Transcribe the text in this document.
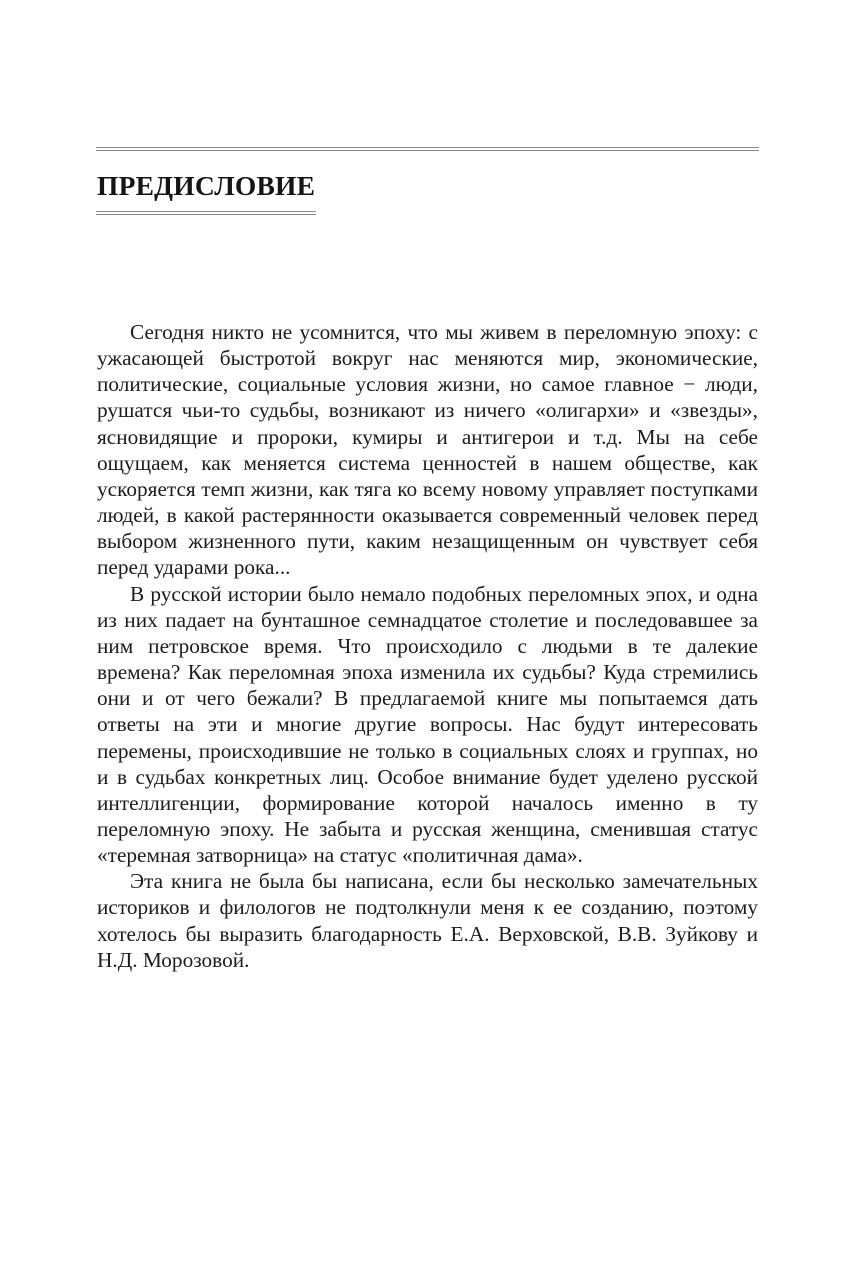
ПРЕДИСЛОВИЕ

Сегодня никто не усомнится, что мы живем в переломную эпоху: с ужасающей быстротой вокруг нас меняются мир, экономические, политические, социальные условия жизни, но самое главное − люди, рушатся чьи-то судьбы, возникают из ничего «олигархи» и «звезды», ясновидящие и пророки, кумиры и антигерои и т.д. Мы на себе ощущаем, как меняется система ценностей в нашем обществе, как ускоряется темп жизни, как тяга ко всему новому управляет поступками людей, в какой растерянности оказывается современный человек перед выбором жизненного пути, каким незащищенным он чувствует себя перед ударами рока...

В русской истории было немало подобных переломных эпох, и одна из них падает на бунташное семнадцатое столетие и последовавшее за ним петровское время. Что происходило с людьми в те далекие времена? Как переломная эпоха изменила их судьбы? Куда стремились они и от чего бежали? В предлагаемой книге мы попытаемся дать ответы на эти и многие другие вопросы. Нас будут интересовать перемены, происходившие не только в социальных слоях и группах, но и в судьбах конкретных лиц. Особое внимание будет уделено русской интеллигенции, формирование которой началось именно в ту переломную эпоху. Не забыта и русская женщина, сменившая статус «теремная затворница» на статус «политичная дама».

Эта книга не была бы написана, если бы несколько замечательных историков и филологов не подтолкнули меня к ее созданию, поэтому хотелось бы выразить благодарность Е.А. Верховской, В.В. Зуйкову и Н.Д. Морозовой.
